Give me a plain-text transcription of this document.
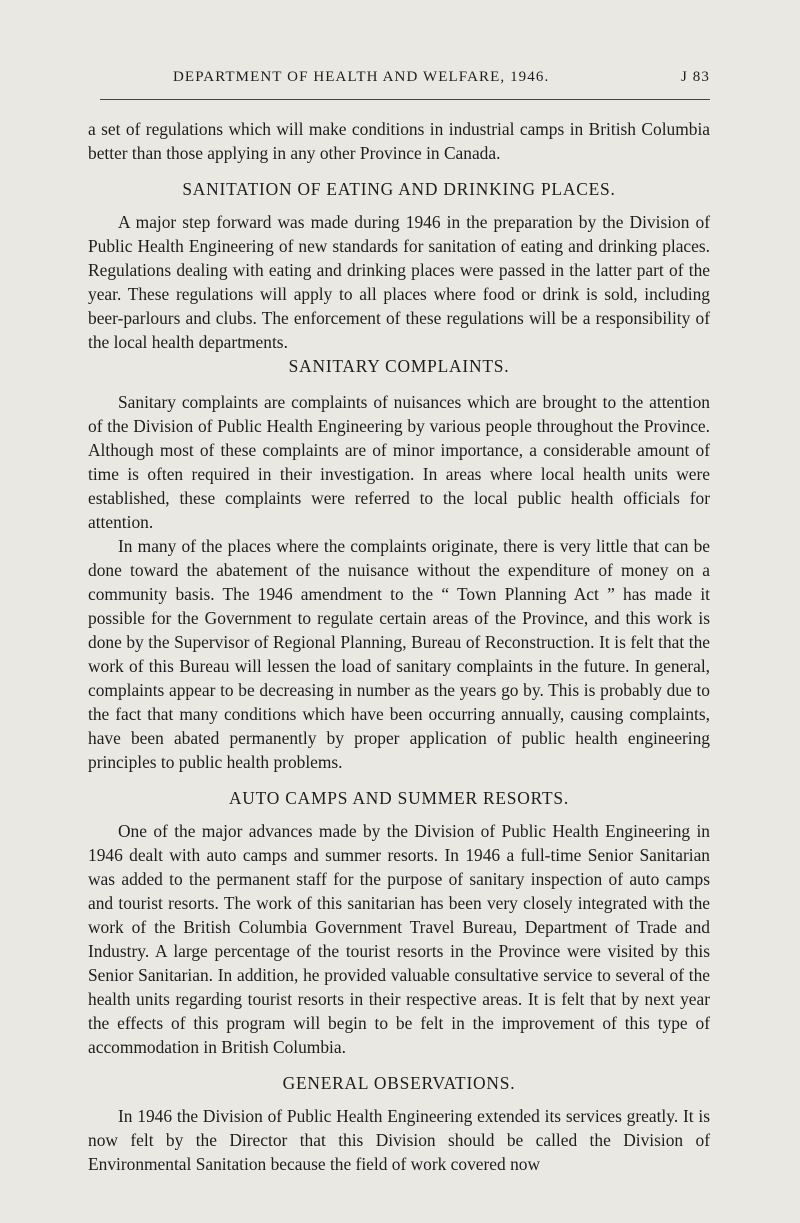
DEPARTMENT OF HEALTH AND WELFARE, 1946.	J 83

a set of regulations which will make conditions in industrial camps in British Columbia better than those applying in any other Province in Canada.

SANITATION OF EATING AND DRINKING PLACES.

A major step forward was made during 1946 in the preparation by the Division of Public Health Engineering of new standards for sanitation of eating and drinking places. Regulations dealing with eating and drinking places were passed in the latter part of the year. These regulations will apply to all places where food or drink is sold, including beer-parlours and clubs. The enforcement of these regulations will be a responsibility of the local health departments.

SANITARY COMPLAINTS.

Sanitary complaints are complaints of nuisances which are brought to the attention of the Division of Public Health Engineering by various people throughout the Province. Although most of these complaints are of minor importance, a considerable amount of time is often required in their investigation. In areas where local health units were established, these complaints were referred to the local public health officials for attention.

In many of the places where the complaints originate, there is very little that can be done toward the abatement of the nuisance without the expenditure of money on a community basis. The 1946 amendment to the “ Town Planning Act ” has made it possible for the Government to regulate certain areas of the Province, and this work is done by the Supervisor of Regional Planning, Bureau of Reconstruction. It is felt that the work of this Bureau will lessen the load of sanitary complaints in the future. In general, complaints appear to be decreasing in number as the years go by. This is probably due to the fact that many conditions which have been occurring annually, causing complaints, have been abated permanently by proper application of public health engineering principles to public health problems.

AUTO CAMPS AND SUMMER RESORTS.

One of the major advances made by the Division of Public Health Engineering in 1946 dealt with auto camps and summer resorts. In 1946 a full-time Senior Sanitarian was added to the permanent staff for the purpose of sanitary inspection of auto camps and tourist resorts. The work of this sanitarian has been very closely integrated with the work of the British Columbia Government Travel Bureau, Department of Trade and Industry. A large percentage of the tourist resorts in the Province were visited by this Senior Sanitarian. In addition, he provided valuable consultative service to several of the health units regarding tourist resorts in their respective areas. It is felt that by next year the effects of this program will begin to be felt in the improvement of this type of accommodation in British Columbia.

GENERAL OBSERVATIONS.

In 1946 the Division of Public Health Engineering extended its services greatly. It is now felt by the Director that this Division should be called the Division of Environmental Sanitation because the field of work covered now
